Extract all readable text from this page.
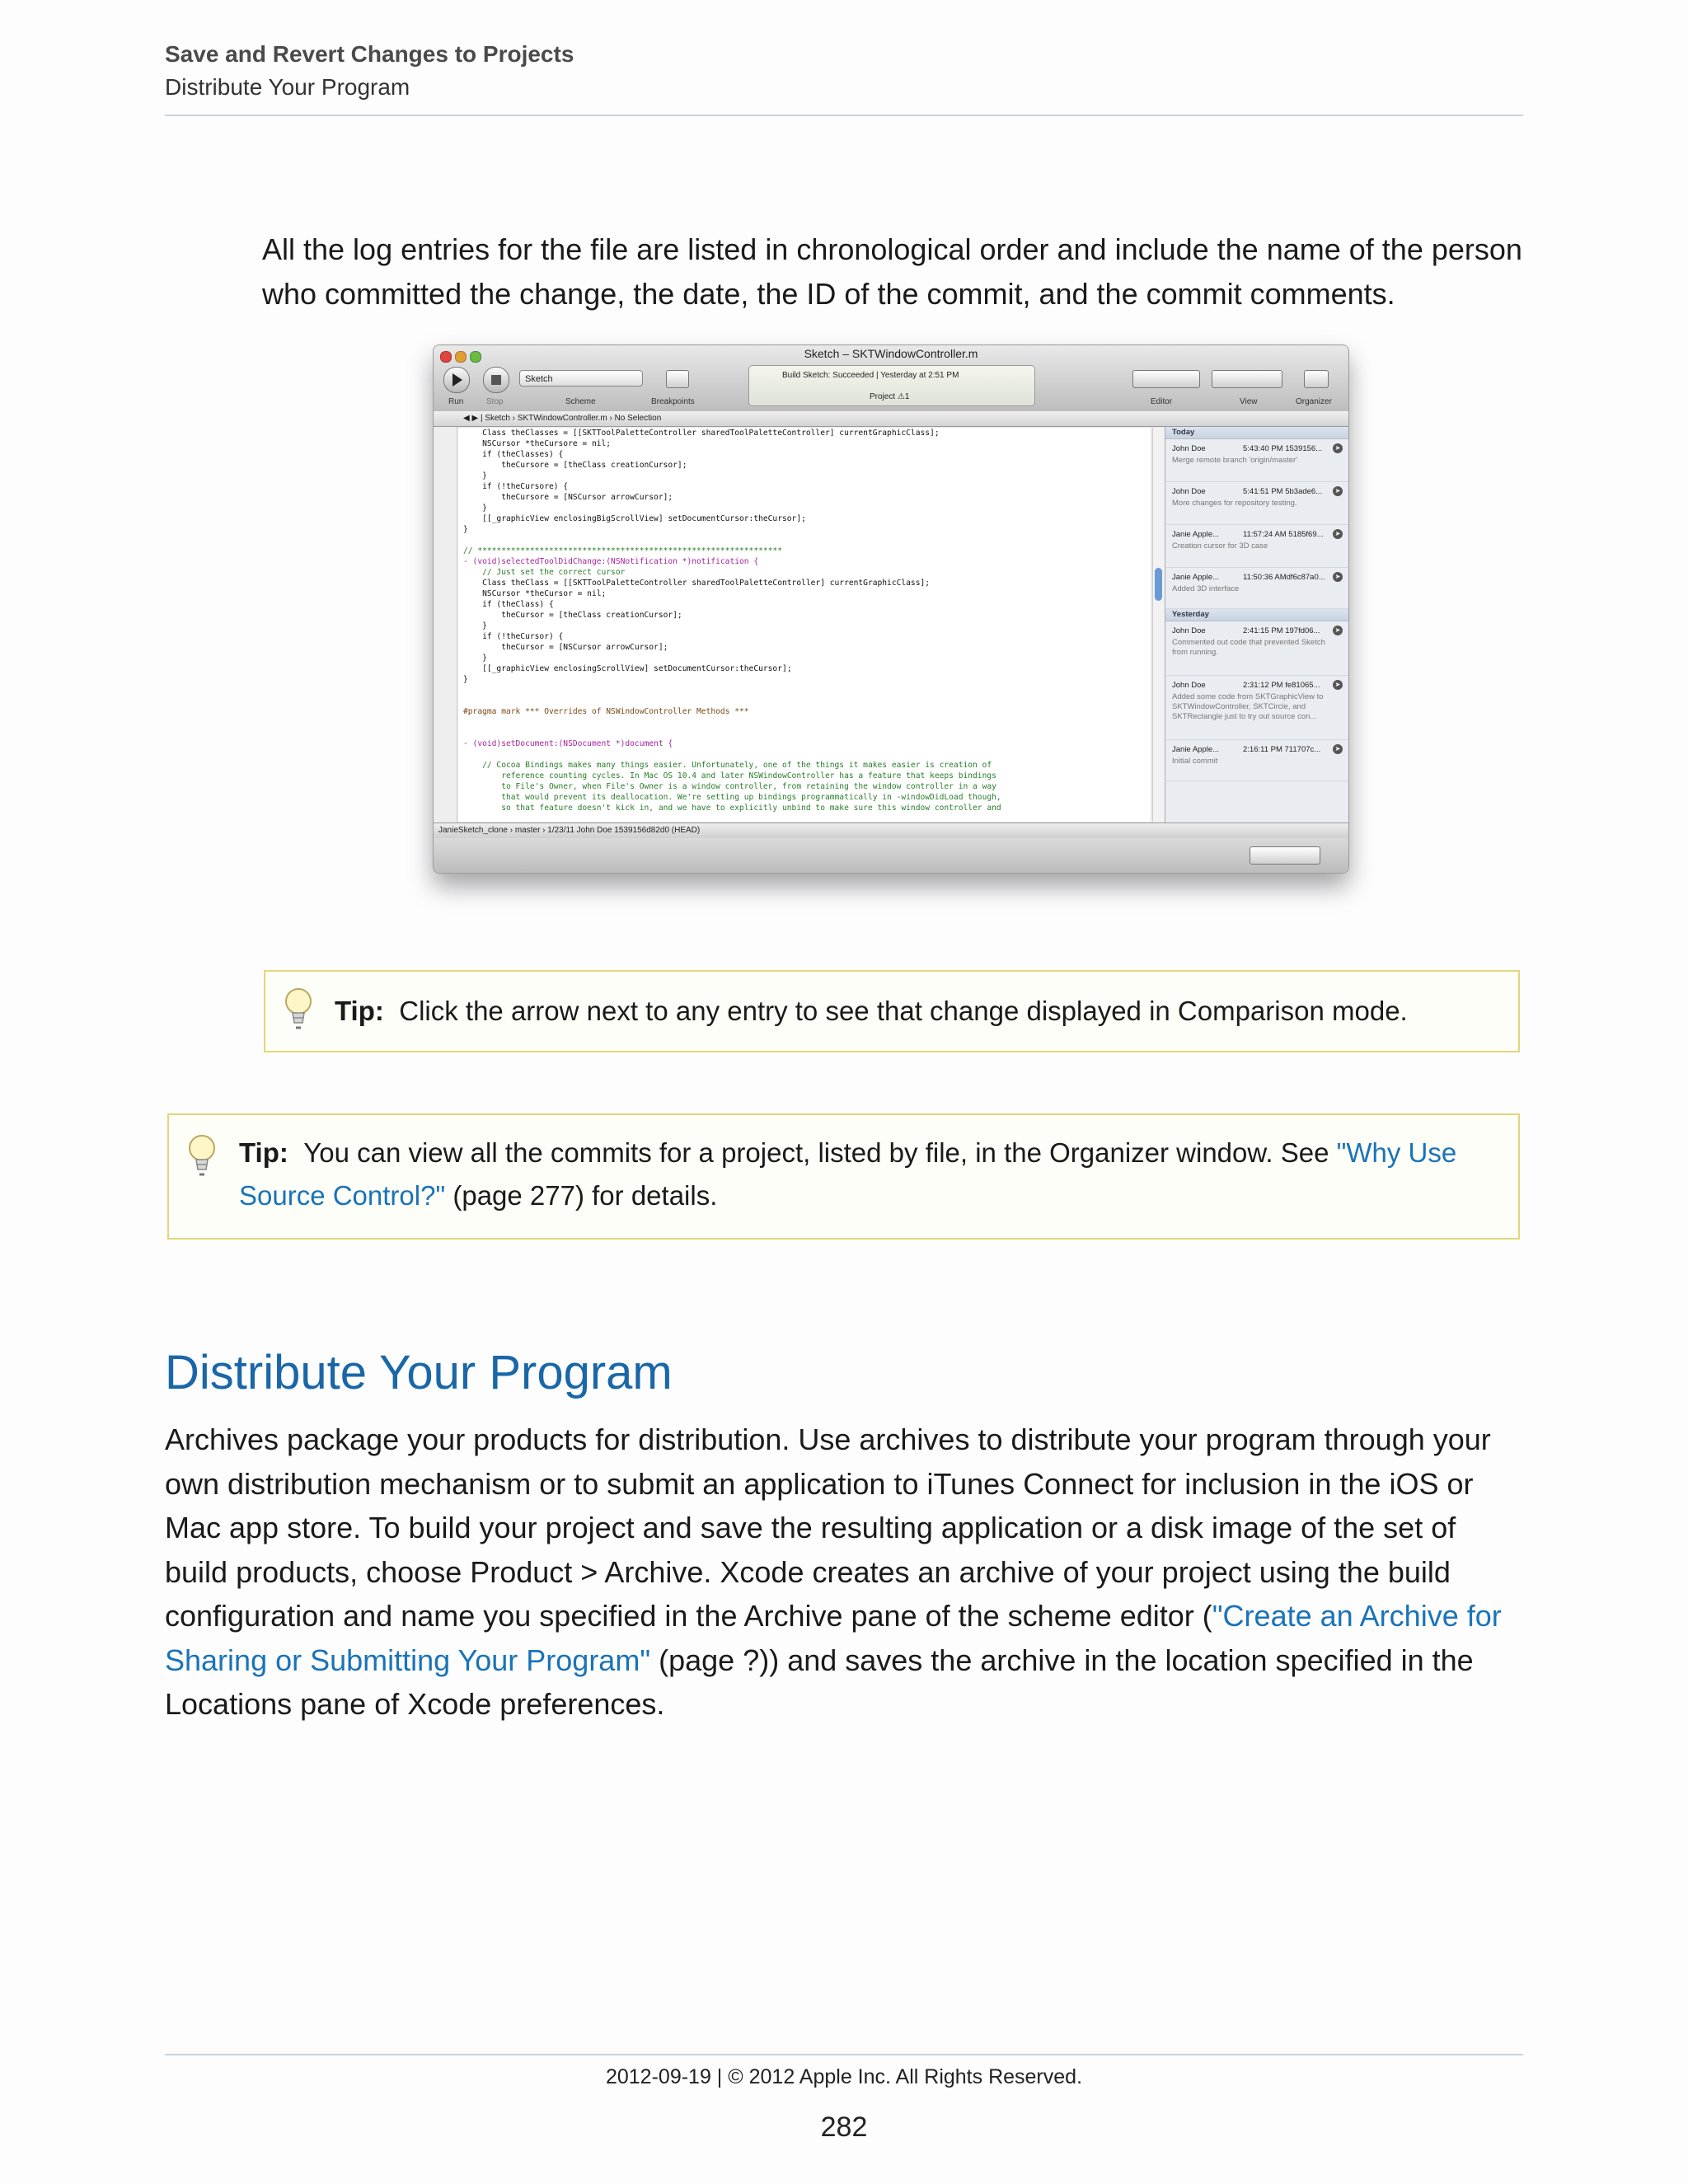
Save and Revert Changes to Projects
Distribute Your Program
All the log entries for the file are listed in chronological order and include the name of the person who committed the change, the date, the ID of the commit, and the commit comments.
Sketch – SKTWindowController.m
Sketch
Run	Stop	Scheme	Breakpoints
Build Sketch: Succeeded | Yesterday at 2:51 PM
Project ⚠1
Editor	View	Organizer
◀ ▶ | Sketch › SKTWindowController.m › No Selection
Class theClasses = [[SKTToolPaletteController sharedToolPaletteController] currentGraphicClass];
NSCursor *theCursore = nil;
if (theClasses) {
theCursore = [theClass creationCursor];
}
if (!theCursore) {
theCursore = [NSCursor arrowCursor];
}
[[_graphicView enclosingBigScrollView] setDocumentCursor:theCursor];
}
// ****************************************************************
- (void)selectedToolDidChange:(NSNotification *)notification {
// Just set the correct cursor
Class theClass = [[SKTToolPaletteController sharedToolPaletteController] currentGraphicClass];
NSCursor *theCursor = nil;
if (theClass) {
theCursor = [theClass creationCursor];
}
if (!theCursor) {
theCursor = [NSCursor arrowCursor];
}
[[_graphicView enclosingScrollView] setDocumentCursor:theCursor];
}
#pragma mark *** Overrides of NSWindowController Methods ***
- (void)setDocument:(NSDocument *)document {
// Cocoa Bindings makes many things easier. Unfortunately, one of the things it makes easier is creation of
reference counting cycles. In Mac OS 10.4 and later NSWindowController has a feature that keeps bindings
to File's Owner, when File's Owner is a window controller, from retaining the window controller in a way
that would prevent its deallocation. We're setting up bindings programmatically in -windowDidLoad though,
so that feature doesn't kick in, and we have to explicitly unbind to make sure this window controller and
Today
John Doe	5:43:40 PM 1539156...
Merge remote branch 'origin/master'
➤
John Doe	5:41:51 PM 5b3ade6...
More changes for repository testing.
➤
Janie Apple...	11:57:24 AM 5185f69...
Creation cursor for 3D case
➤
Janie Apple...	11:50:36 AMdf6c87a0...
Added 3D interface
➤
Yesterday
John Doe	2:41:15 PM 197fd06...
Commented out code that prevented Sketch from running.
➤
John Doe	2:31:12 PM fe81065...
Added some code from SKTGraphicView to SKTWindowController, SKTCircle, and SKTRectangle just to try out source con...
➤
Janie Apple...	2:16:11 PM 711707c...
Initial commit
➤
JanieSketch_clone › master › 1/23/11 John Doe 1539156d82d0 (HEAD)
Tip: Click the arrow next to any entry to see that change displayed in Comparison mode.
Tip: You can view all the commits for a project, listed by file, in the Organizer window. See "Why Use Source Control?" (page 277) for details.
Distribute Your Program
Archives package your products for distribution. Use archives to distribute your program through your own distribution mechanism or to submit an application to iTunes Connect for inclusion in the iOS or Mac app store. To build your project and save the resulting application or a disk image of the set of build products, choose Product > Archive. Xcode creates an archive of your project using the build configuration and name you specified in the Archive pane of the scheme editor ("Create an Archive for Sharing or Submitting Your Program" (page ?)) and saves the archive in the location specified in the Locations pane of Xcode preferences.
2012-09-19 | © 2012 Apple Inc. All Rights Reserved.
282
